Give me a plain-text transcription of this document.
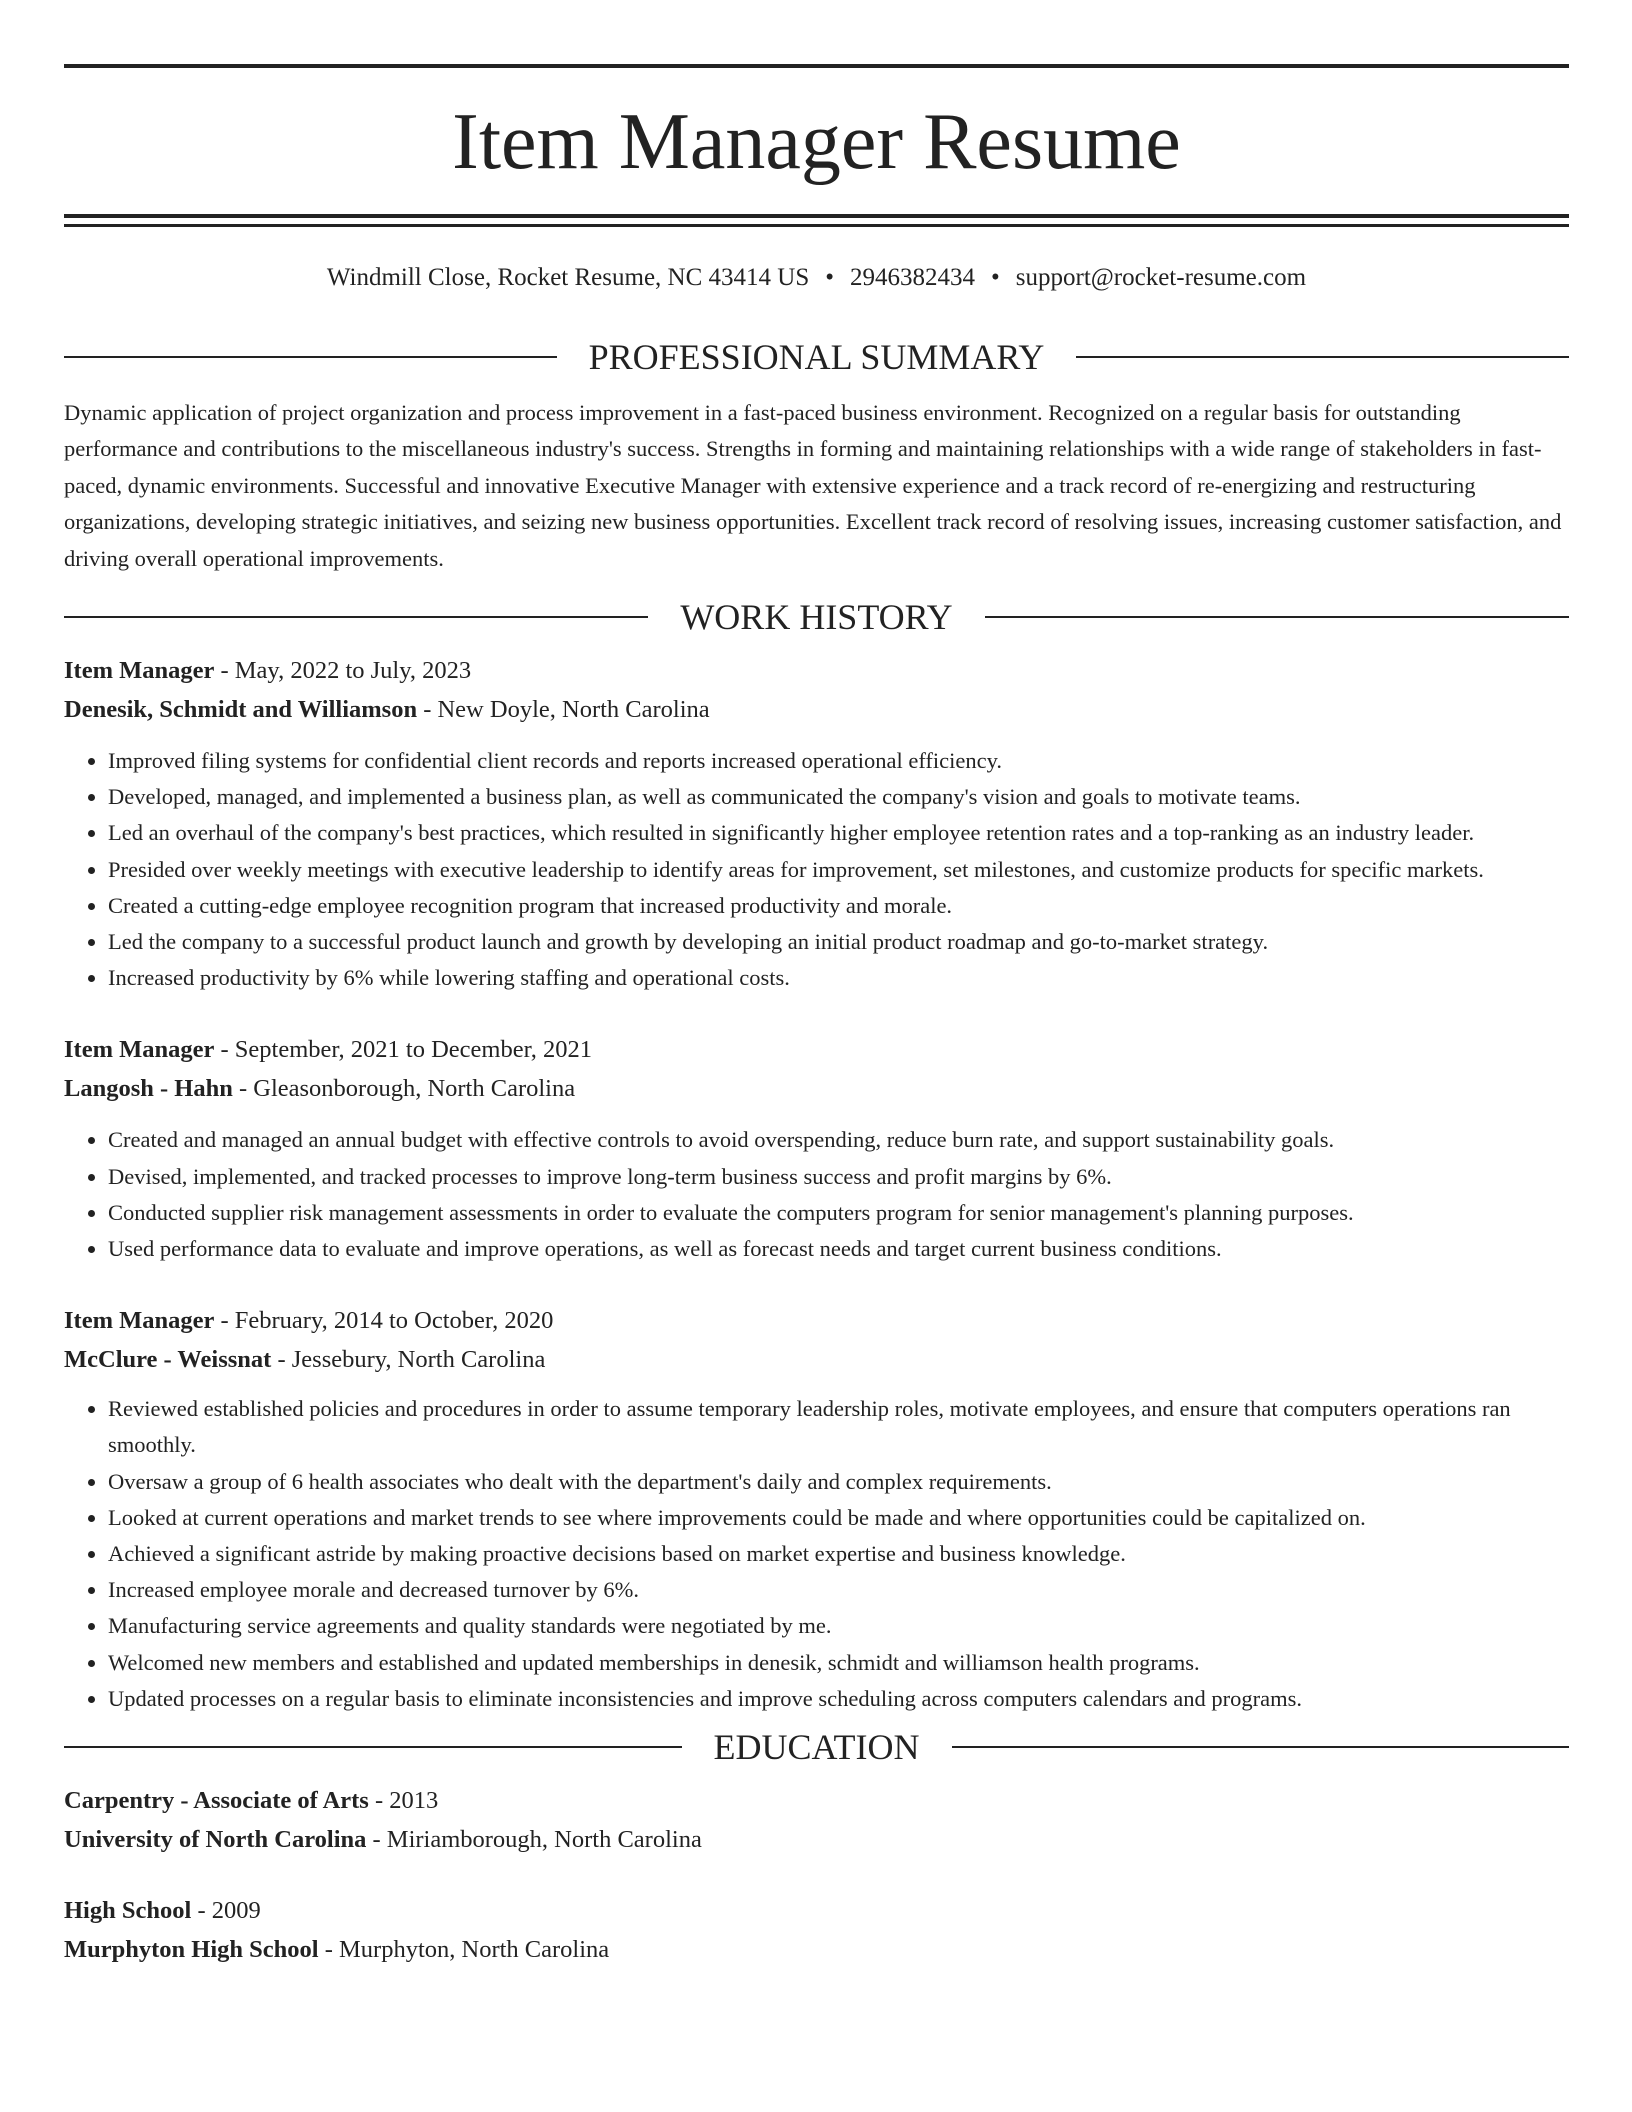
Item Manager Resume
Windmill Close, Rocket Resume, NC 43414 US • 2946382434 • support@rocket-resume.com
PROFESSIONAL SUMMARY

Dynamic application of project organization and process improvement in a fast-paced business environment. Recognized on a regular basis for outstanding performance and contributions to the miscellaneous industry's success. Strengths in forming and maintaining relationships with a wide range of stakeholders in fast-paced, dynamic environments. Successful and innovative Executive Manager with extensive experience and a track record of re-energizing and restructuring organizations, developing strategic initiatives, and seizing new business opportunities. Excellent track record of resolving issues, increasing customer satisfaction, and driving overall operational improvements.

WORK HISTORY
Item Manager - May, 2022 to July, 2023
Denesik, Schmidt and Williamson - New Doyle, North Carolina
• Improved filing systems for confidential client records and reports increased operational efficiency.
• Developed, managed, and implemented a business plan, as well as communicated the company's vision and goals to motivate teams.
• Led an overhaul of the company's best practices, which resulted in significantly higher employee retention rates and a top-ranking as an industry leader.
• Presided over weekly meetings with executive leadership to identify areas for improvement, set milestones, and customize products for specific markets.
• Created a cutting-edge employee recognition program that increased productivity and morale.
• Led the company to a successful product launch and growth by developing an initial product roadmap and go-to-market strategy.
• Increased productivity by 6% while lowering staffing and operational costs.
Item Manager - September, 2021 to December, 2021
Langosh - Hahn - Gleasonborough, North Carolina
• Created and managed an annual budget with effective controls to avoid overspending, reduce burn rate, and support sustainability goals.
• Devised, implemented, and tracked processes to improve long-term business success and profit margins by 6%.
• Conducted supplier risk management assessments in order to evaluate the computers program for senior management's planning purposes.
• Used performance data to evaluate and improve operations, as well as forecast needs and target current business conditions.
Item Manager - February, 2014 to October, 2020
McClure - Weissnat - Jessebury, North Carolina
• Reviewed established policies and procedures in order to assume temporary leadership roles, motivate employees, and ensure that computers operations ran smoothly.
• Oversaw a group of 6 health associates who dealt with the department's daily and complex requirements.
• Looked at current operations and market trends to see where improvements could be made and where opportunities could be capitalized on.
• Achieved a significant astride by making proactive decisions based on market expertise and business knowledge.
• Increased employee morale and decreased turnover by 6%.
• Manufacturing service agreements and quality standards were negotiated by me.
• Welcomed new members and established and updated memberships in denesik, schmidt and williamson health programs.
• Updated processes on a regular basis to eliminate inconsistencies and improve scheduling across computers calendars and programs.
EDUCATION
Carpentry - Associate of Arts - 2013
University of North Carolina - Miriamborough, North Carolina
High School - 2009
Murphyton High School - Murphyton, North Carolina
